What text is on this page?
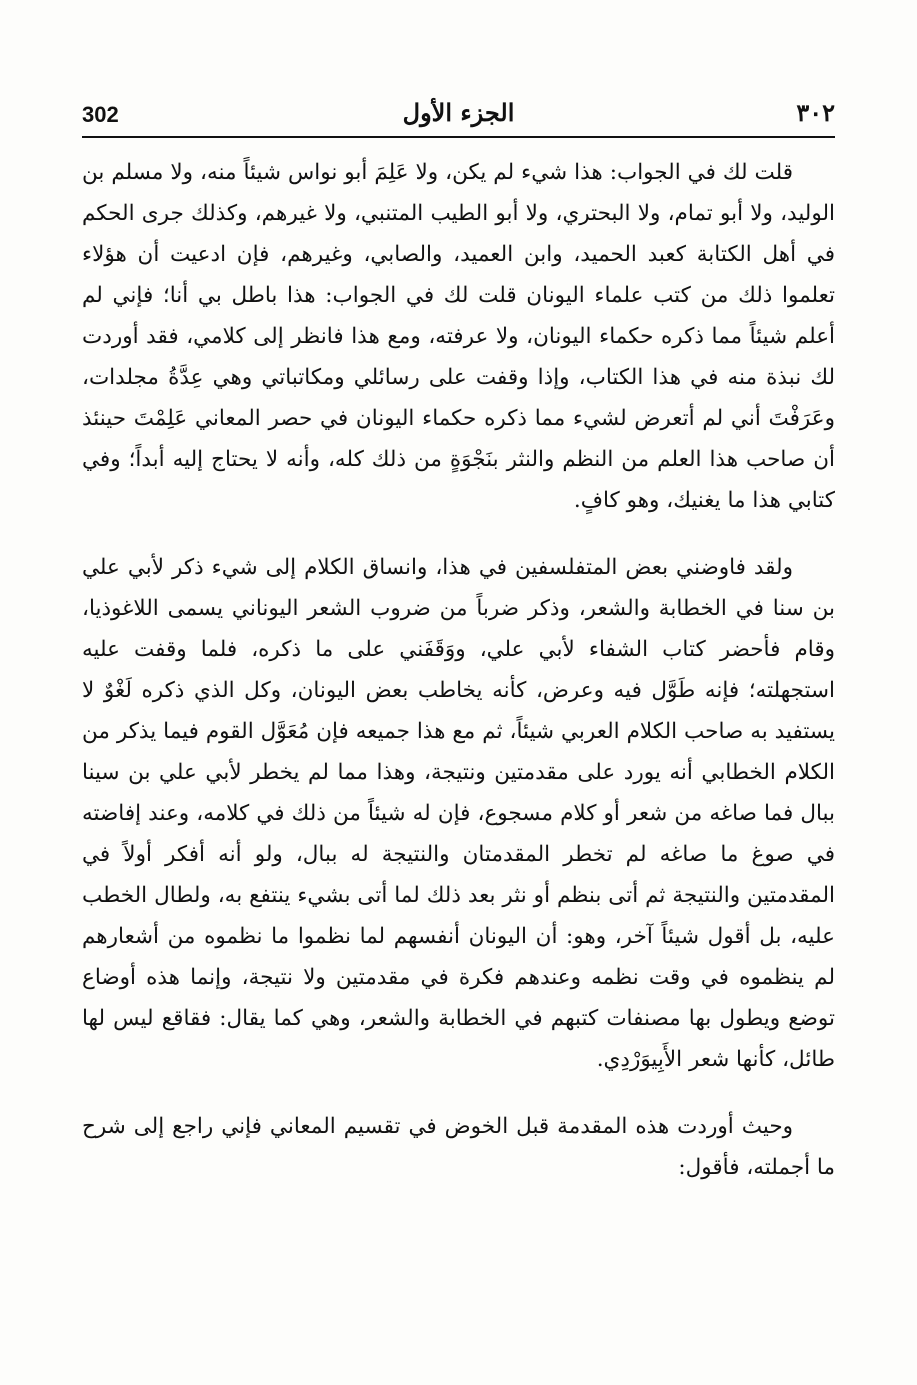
302	الجزء الأول	٣٠٢

قلت لك في الجواب: هذا شيء لم يكن، ولا عَلِمَ أبو نواس شيئاً منه، ولا مسلم بن الوليد، ولا أبو تمام، ولا البحتري، ولا أبو الطيب المتنبي، ولا غيرهم، وكذلك جرى الحكم في أهل الكتابة كعبد الحميد، وابن العميد، والصابي، وغيرهم، فإن ادعيت أن هؤلاء تعلموا ذلك من كتب علماء اليونان قلت لك في الجواب: هذا باطل بي أنا؛ فإني لم أعلم شيئاً مما ذكره حكماء اليونان، ولا عرفته، ومع هذا فانظر إلى كلامي، فقد أوردت لك نبذة منه في هذا الكتاب، وإذا وقفت على رسائلي ومكاتباتي وهي عِدَّةُ مجلدات، وعَرَفْتَ أني لم أتعرض لشيء مما ذكره حكماء اليونان في حصر المعاني عَلِمْتَ حينئذ أن صاحب هذا العلم من النظم والنثر بنَجْوَةٍ من ذلك كله، وأنه لا يحتاج إليه أبداً؛ وفي كتابي هذا ما يغنيك، وهو كافٍ.

ولقد فاوضني بعض المتفلسفين في هذا، وانساق الكلام إلى شيء ذكر لأبي علي بن سنا في الخطابة والشعر، وذكر ضرباً من ضروب الشعر اليوناني يسمى اللاغوذيا، وقام فأحضر كتاب الشفاء لأبي علي، ووَقَفَني على ما ذكره، فلما وقفت عليه استجهلته؛ فإنه طَوَّل فيه وعرض، كأنه يخاطب بعض اليونان، وكل الذي ذكره لَغْوٌ لا يستفيد به صاحب الكلام العربي شيئاً، ثم مع هذا جميعه فإن مُعَوَّل القوم فيما يذكر من الكلام الخطابي أنه يورد على مقدمتين ونتيجة، وهذا مما لم يخطر لأبي علي بن سينا ببال فما صاغه من شعر أو كلام مسجوع، فإن له شيئاً من ذلك في كلامه، وعند إفاضته في صوغ ما صاغه لم تخطر المقدمتان والنتيجة له ببال، ولو أنه أفكر أولاً في المقدمتين والنتيجة ثم أتى بنظم أو نثر بعد ذلك لما أتى بشيء ينتفع به، ولطال الخطب عليه، بل أقول شيئاً آخر، وهو: أن اليونان أنفسهم لما نظموا ما نظموه من أشعارهم لم ينظموه في وقت نظمه وعندهم فكرة في مقدمتين ولا نتيجة، وإنما هذه أوضاع توضع ويطول بها مصنفات كتبهم في الخطابة والشعر، وهي كما يقال: فقاقع ليس لها طائل، كأنها شعر الأَبِيوَرْدِي.

وحيث أوردت هذه المقدمة قبل الخوض في تقسيم المعاني فإني راجع إلى شرح ما أجملته، فأقول:
